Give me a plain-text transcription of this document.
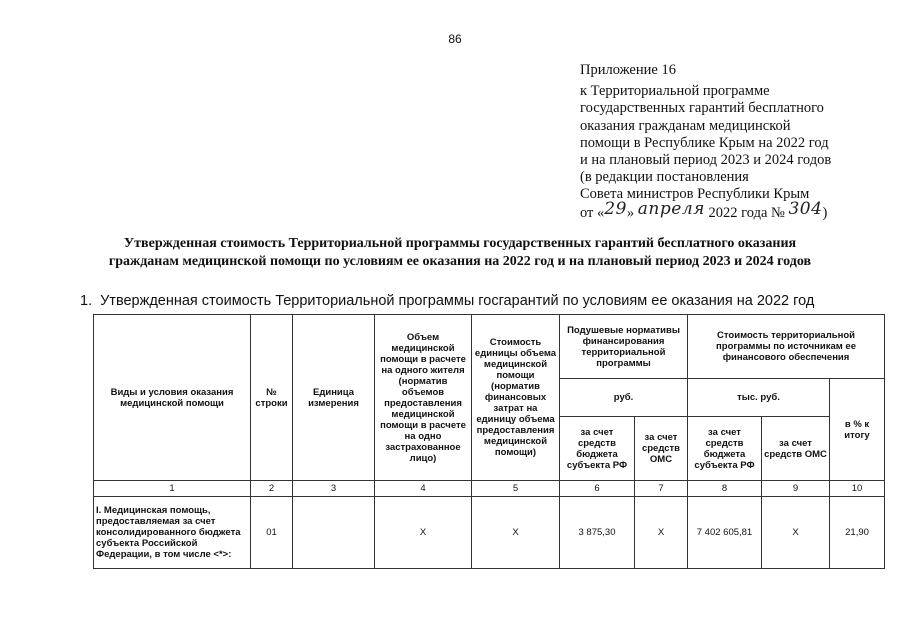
86
Приложение 16
к Территориальной программе
государственных гарантий бесплатного
оказания гражданам медицинской
помощи в Республике Крым на 2022 год
и на плановый период 2023 и 2024 годов
(в редакции постановления
Совета министров Республики Крым
от «29» апреля 2022 года № 304)
Утвержденная стоимость Территориальной программы государственных гарантий бесплатного оказания
гражданам медицинской помощи по условиям ее оказания на 2022 год и на плановый период 2023 и 2024 годов
1. Утвержденная стоимость Территориальной программы госгарантий по условиям ее оказания на 2022 год
Виды и условия оказания медицинской помощи	№ строки	Единица измерения	Объем медицинской помощи в расчете на одного жителя (норматив объемов предоставления медицинской помощи в расчете на одно застрахованное лицо)	Стоимость единицы объема медицинской помощи (норматив финансовых затрат на единицу объема предоставления медицинской помощи)	Подушевые нормативы финансирования территориальной программы		Стоимость территориальной программы по источникам ее финансового обеспечения		
					руб.		тыс. руб.		в % к итогу
					за счет средств бюджета субъекта РФ	за счет средств ОМС	за счет средств бюджета субъекта РФ	за счет средств ОМС	
1	2	3	4	5	6	7	8	9	10
I. Медицинская помощь, предоставляемая за счет консолидированного бюджета субъекта Российской Федерации, в том числе <*>:	01		X	X	3 875,30	X	7 402 605,81	X	21,90
